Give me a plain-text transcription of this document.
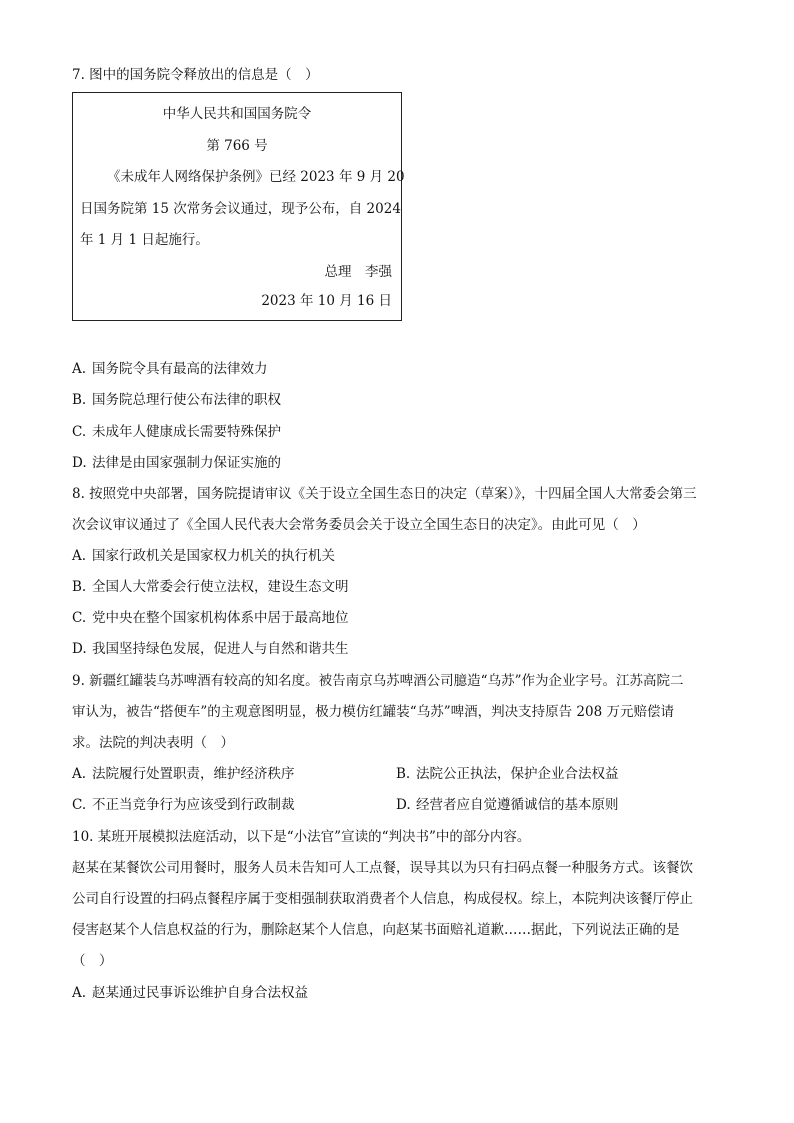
7. 图中的国务院令释放出的信息是（　）
中华人民共和国国务院令
第 766 号
《未成年人网络保护条例》已经 2023 年 9 月 20
日国务院第 15 次常务会议通过，现予公布，自 2024
年 1 月 1 日起施行。
总理　李强
2023 年 10 月 16 日
A. 国务院令具有最高的法律效力
B. 国务院总理行使公布法律的职权
C. 未成年人健康成长需要特殊保护
D. 法律是由国家强制力保证实施的
8. 按照党中央部署，国务院提请审议《关于设立全国生态日的决定（草案）》，十四届全国人大常委会第三
次会议审议通过了《全国人民代表大会常务委员会关于设立全国生态日的决定》。由此可见（　）
A. 国家行政机关是国家权力机关的执行机关
B. 全国人大常委会行使立法权，建设生态文明
C. 党中央在整个国家机构体系中居于最高地位
D. 我国坚持绿色发展，促进人与自然和谐共生
9. 新疆红罐装乌苏啤酒有较高的知名度。被告南京乌苏啤酒公司臆造“乌苏”作为企业字号。江苏高院二
审认为，被告“搭便车”的主观意图明显，极力模仿红罐装“乌苏”啤酒，判决支持原告 208 万元赔偿请
求。法院的判决表明（　）
A. 法院履行处置职责，维护经济秩序	B. 法院公正执法，保护企业合法权益
C. 不正当竞争行为应该受到行政制裁	D. 经营者应自觉遵循诚信的基本原则
10. 某班开展模拟法庭活动，以下是“小法官”宣读的“判决书”中的部分内容。
赵某在某餐饮公司用餐时，服务人员未告知可人工点餐，误导其以为只有扫码点餐一种服务方式。该餐饮
公司自行设置的扫码点餐程序属于变相强制获取消费者个人信息，构成侵权。综上，本院判决该餐厅停止
侵害赵某个人信息权益的行为，删除赵某个人信息，向赵某书面赔礼道歉……据此，下列说法正确的是
（　）
A. 赵某通过民事诉讼维护自身合法权益
